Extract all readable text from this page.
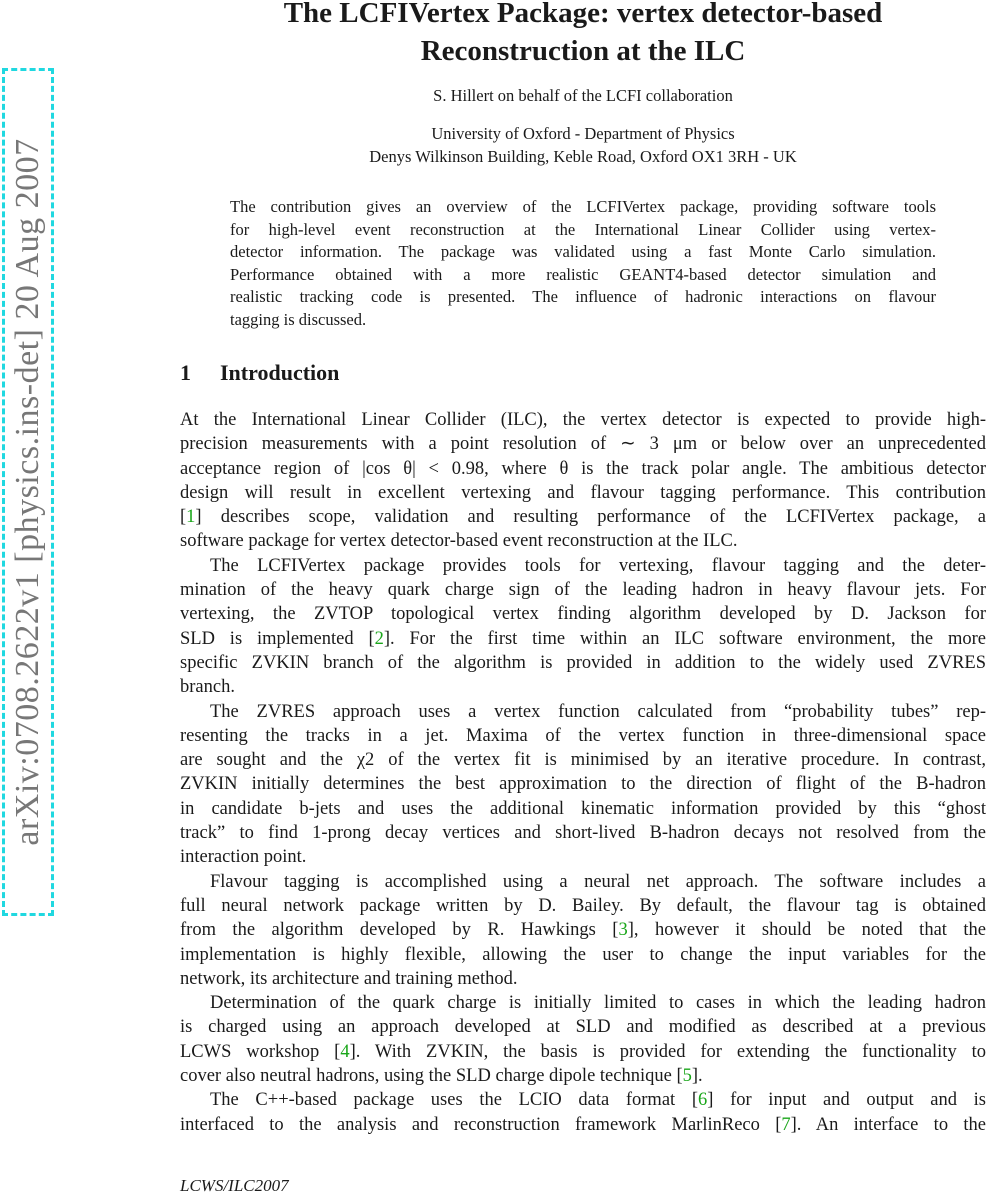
arXiv:0708.2622v1 [physics.ins-det] 20 Aug 2007
The LCFIVertex Package: vertex detector-based
Reconstruction at the ILC
S. Hillert on behalf of the LCFI collaboration
University of Oxford - Department of Physics
Denys Wilkinson Building, Keble Road, Oxford OX1 3RH - UK
The contribution gives an overview of the LCFIVertex package, providing software tools
for high-level event reconstruction at the International Linear Collider using vertex-
detector information. The package was validated using a fast Monte Carlo simulation.
Performance obtained with a more realistic GEANT4-based detector simulation and
realistic tracking code is presented. The influence of hadronic interactions on flavour
tagging is discussed.
1 Introduction
At the International Linear Collider (ILC), the vertex detector is expected to provide high-
precision measurements with a point resolution of ∼ 3 μm or below over an unprecedented
acceptance region of |cos θ| < 0.98, where θ is the track polar angle. The ambitious detector
design will result in excellent vertexing and flavour tagging performance. This contribution
[1] describes scope, validation and resulting performance of the LCFIVertex package, a
software package for vertex detector-based event reconstruction at the ILC.
The LCFIVertex package provides tools for vertexing, flavour tagging and the deter-
mination of the heavy quark charge sign of the leading hadron in heavy flavour jets. For
vertexing, the ZVTOP topological vertex finding algorithm developed by D. Jackson for
SLD is implemented [2]. For the first time within an ILC software environment, the more
specific ZVKIN branch of the algorithm is provided in addition to the widely used ZVRES
branch.
The ZVRES approach uses a vertex function calculated from “probability tubes” rep-
resenting the tracks in a jet. Maxima of the vertex function in three-dimensional space
are sought and the χ2 of the vertex fit is minimised by an iterative procedure. In contrast,
ZVKIN initially determines the best approximation to the direction of flight of the B-hadron
in candidate b-jets and uses the additional kinematic information provided by this “ghost
track” to find 1-prong decay vertices and short-lived B-hadron decays not resolved from the
interaction point.
Flavour tagging is accomplished using a neural net approach. The software includes a
full neural network package written by D. Bailey. By default, the flavour tag is obtained
from the algorithm developed by R. Hawkings [3], however it should be noted that the
implementation is highly flexible, allowing the user to change the input variables for the
network, its architecture and training method.
Determination of the quark charge is initially limited to cases in which the leading hadron
is charged using an approach developed at SLD and modified as described at a previous
LCWS workshop [4]. With ZVKIN, the basis is provided for extending the functionality to
cover also neutral hadrons, using the SLD charge dipole technique [5].
The C++-based package uses the LCIO data format [6] for input and output and is
interfaced to the analysis and reconstruction framework MarlinReco [7]. An interface to the
LCWS/ILC2007
